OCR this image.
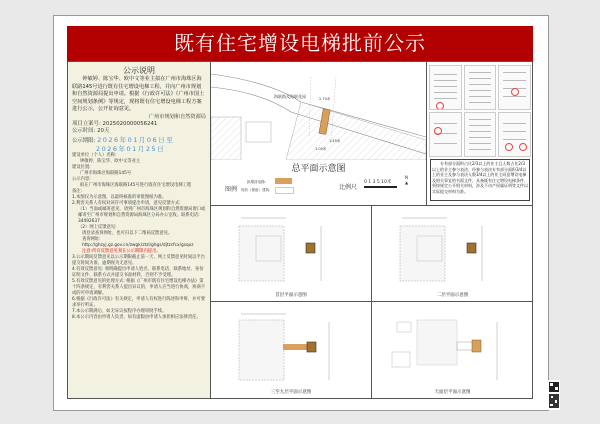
既有住宅增设电梯批前公示
公示说明
钟敏婷、陈宝华、欧中文等业主拟在广州市海珠区海联路145号进行既有住宅增设电梯工程，并向广州市规划和自然资源局提出申请。根据《行政许可法》《广州市国土空间规划条例》等规定，现将既有住宅增设电梯工程方案进行公示，公开征询意见。
广州市规划和自然资源局
项目立案号: 2025020000056241
公示时间: 20天
公示期限: 2026年01月06日至
2026年01月25日
建设单位（个人）名称:
钟敏婷、陈宝华、欧中文等业主
建设位置:
广州市海珠区海联路145号
公示内容:
拟在广州市海珠区海联路145号进行既有住宅增设电梯工程
备注:

1.本图仅为示意图，以最终核准的审批图纸为准。

2.利害关系人有权对该许可事项提出申请，意见反馈方式:

（1）当面或邮寄意见，请到广州市海珠区规划和自然资源局窗口或邮寄至广州市规划和自然资源局海珠区分局办公室收。联系电话: 34492637

（2）网上反馈意见:

请登录查询网址，也可扫以下二维码反馈意见。

查询网址: http://ghzyj.gz.gov.cn/zwgk/ztzl/ghgs/djtzcfcx/gsqxz

注意:所有反馈意见须在公示期限内提出。

3.公示期间反馈意见以公示期限截止前一天，网上反馈意见时间以平台提交时间为准，逾期视为无意见。

4.有效反馈意见: 须明确提出申请人姓名、联系电话、联系地址、身份证明文件、联系方式并提交书面材料，否则不予受理。

5.有效反馈意见的处理方式: 根据《广州市既有住宅增设电梯办法》第十四条规定，有利害关系人提出异议的，申请人应当进行协商，协商不成的可申请调解。

6.根据《行政许可法》有关规定，申请人有权进行陈述和申辩，并可要求举行听证。

7.本公示期满后，如无异议按程序办理审批手续。

8.本公示内容由申请人负责，如有虚假由申请人承担相应法律责任。

海联路及海联花园	2.70米
1.45米
1.00米
总平面示意图
图例
拟增设电梯:
现状（保留）建筑:	比例尺
0 1 3 5 10米
N
▲
专有部分面积占比2/3以上的业主且人数占比2/3以上的业主参与表决，经参与表决专有部分面积3/4以上的业主及参与表决人数3/4以上的业主同意增设电梯及相关事宜的书面文件，具备既有住宅增设电梯条件，须按规定公开相关材料，涉及不动产权属证明等文件以实际提交材料为准。
首层平面示意图	二层平面示意图
三至九层平面示意图	天面层平面示意图
